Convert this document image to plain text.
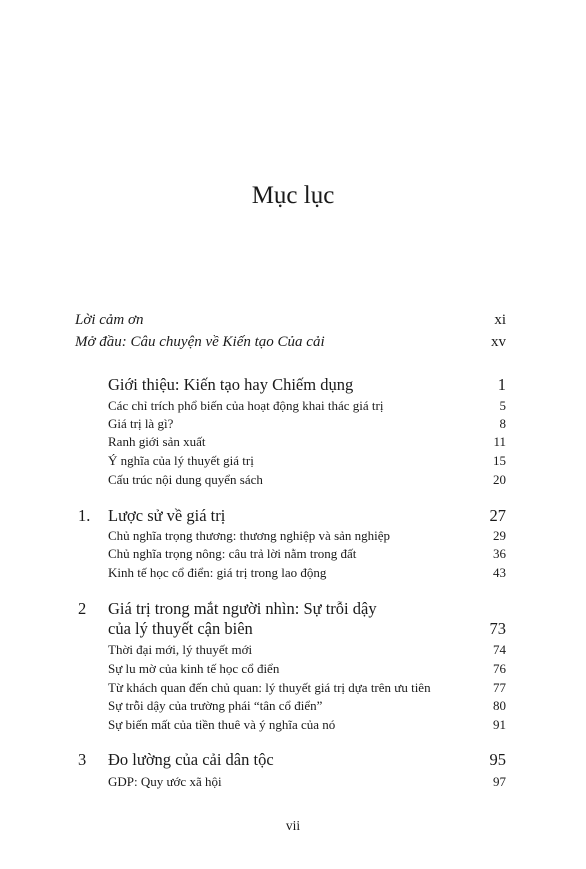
Mục lục
Lời cảm ơn	xi
Mở đầu: Câu chuyện về Kiến tạo Của cải	xv
Giới thiệu: Kiến tạo hay Chiếm dụng	1
Các chỉ trích phổ biến của hoạt động khai thác giá trị	5
Giá trị là gì?	8
Ranh giới sản xuất	11
Ý nghĩa của lý thuyết giá trị	15
Cấu trúc nội dung quyển sách	20
1. Lược sử về giá trị	27
Chủ nghĩa trọng thương: thương nghiệp và sản nghiệp	29
Chủ nghĩa trọng nông: câu trả lời nằm trong đất	36
Kinh tế học cổ điển: giá trị trong lao động	43
2 Giá trị trong mắt người nhìn: Sự trỗi dậy
của lý thuyết cận biên	73
Thời đại mới, lý thuyết mới	74
Sự lu mờ của kinh tế học cổ điển	76
Từ khách quan đến chủ quan: lý thuyết giá trị dựa trên ưu tiên	77
Sự trỗi dậy của trường phái “tân cổ điển”	80
Sự biến mất của tiền thuê và ý nghĩa của nó	91
3 Đo lường của cải dân tộc	95
GDP: Quy ước xã hội	97
vii
